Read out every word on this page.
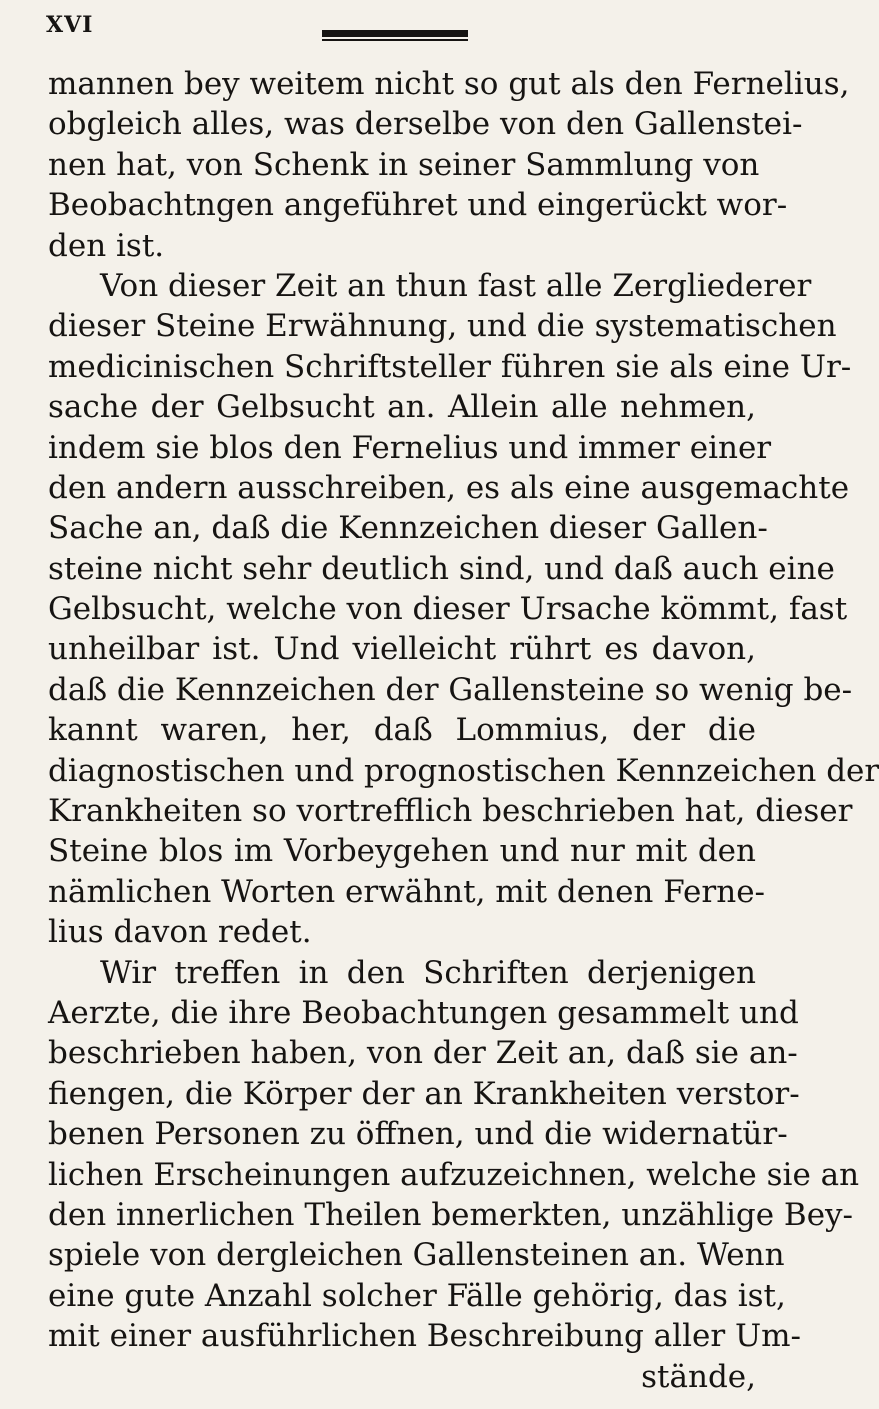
XVI
mannen bey weitem nicht so gut als den Fernelius,
obgleich alles, was derselbe von den Gallenstei-
nen hat, von Schenk in seiner Sammlung von
Beobachtngen angeführet und eingerückt wor-
den ist.
Von dieser Zeit an thun fast alle Zergliederer
dieser Steine Erwähnung, und die systematischen
medicinischen Schriftsteller führen sie als eine Ur-
sache der Gelbsucht an. Allein alle nehmen,
indem sie blos den Fernelius und immer einer
den andern ausschreiben, es als eine ausgemachte
Sache an, daß die Kennzeichen dieser Gallen-
steine nicht sehr deutlich sind, und daß auch eine
Gelbsucht, welche von dieser Ursache kömmt, fast
unheilbar ist. Und vielleicht rührt es davon,
daß die Kennzeichen der Gallensteine so wenig be-
kannt waren, her, daß Lommius, der die
diagnostischen und prognostischen Kennzeichen der
Krankheiten so vortrefflich beschrieben hat, dieser
Steine blos im Vorbeygehen und nur mit den
nämlichen Worten erwähnt, mit denen Ferne-
lius davon redet.
Wir treffen in den Schriften derjenigen
Aerzte, die ihre Beobachtungen gesammelt und
beschrieben haben, von der Zeit an, daß sie an-
fiengen, die Körper der an Krankheiten verstor-
benen Personen zu öffnen, und die widernatür-
lichen Erscheinungen aufzuzeichnen, welche sie an
den innerlichen Theilen bemerkten, unzählige Bey-
spiele von dergleichen Gallensteinen an. Wenn
eine gute Anzahl solcher Fälle gehörig, das ist,
mit einer ausführlichen Beschreibung aller Um-
stände,
